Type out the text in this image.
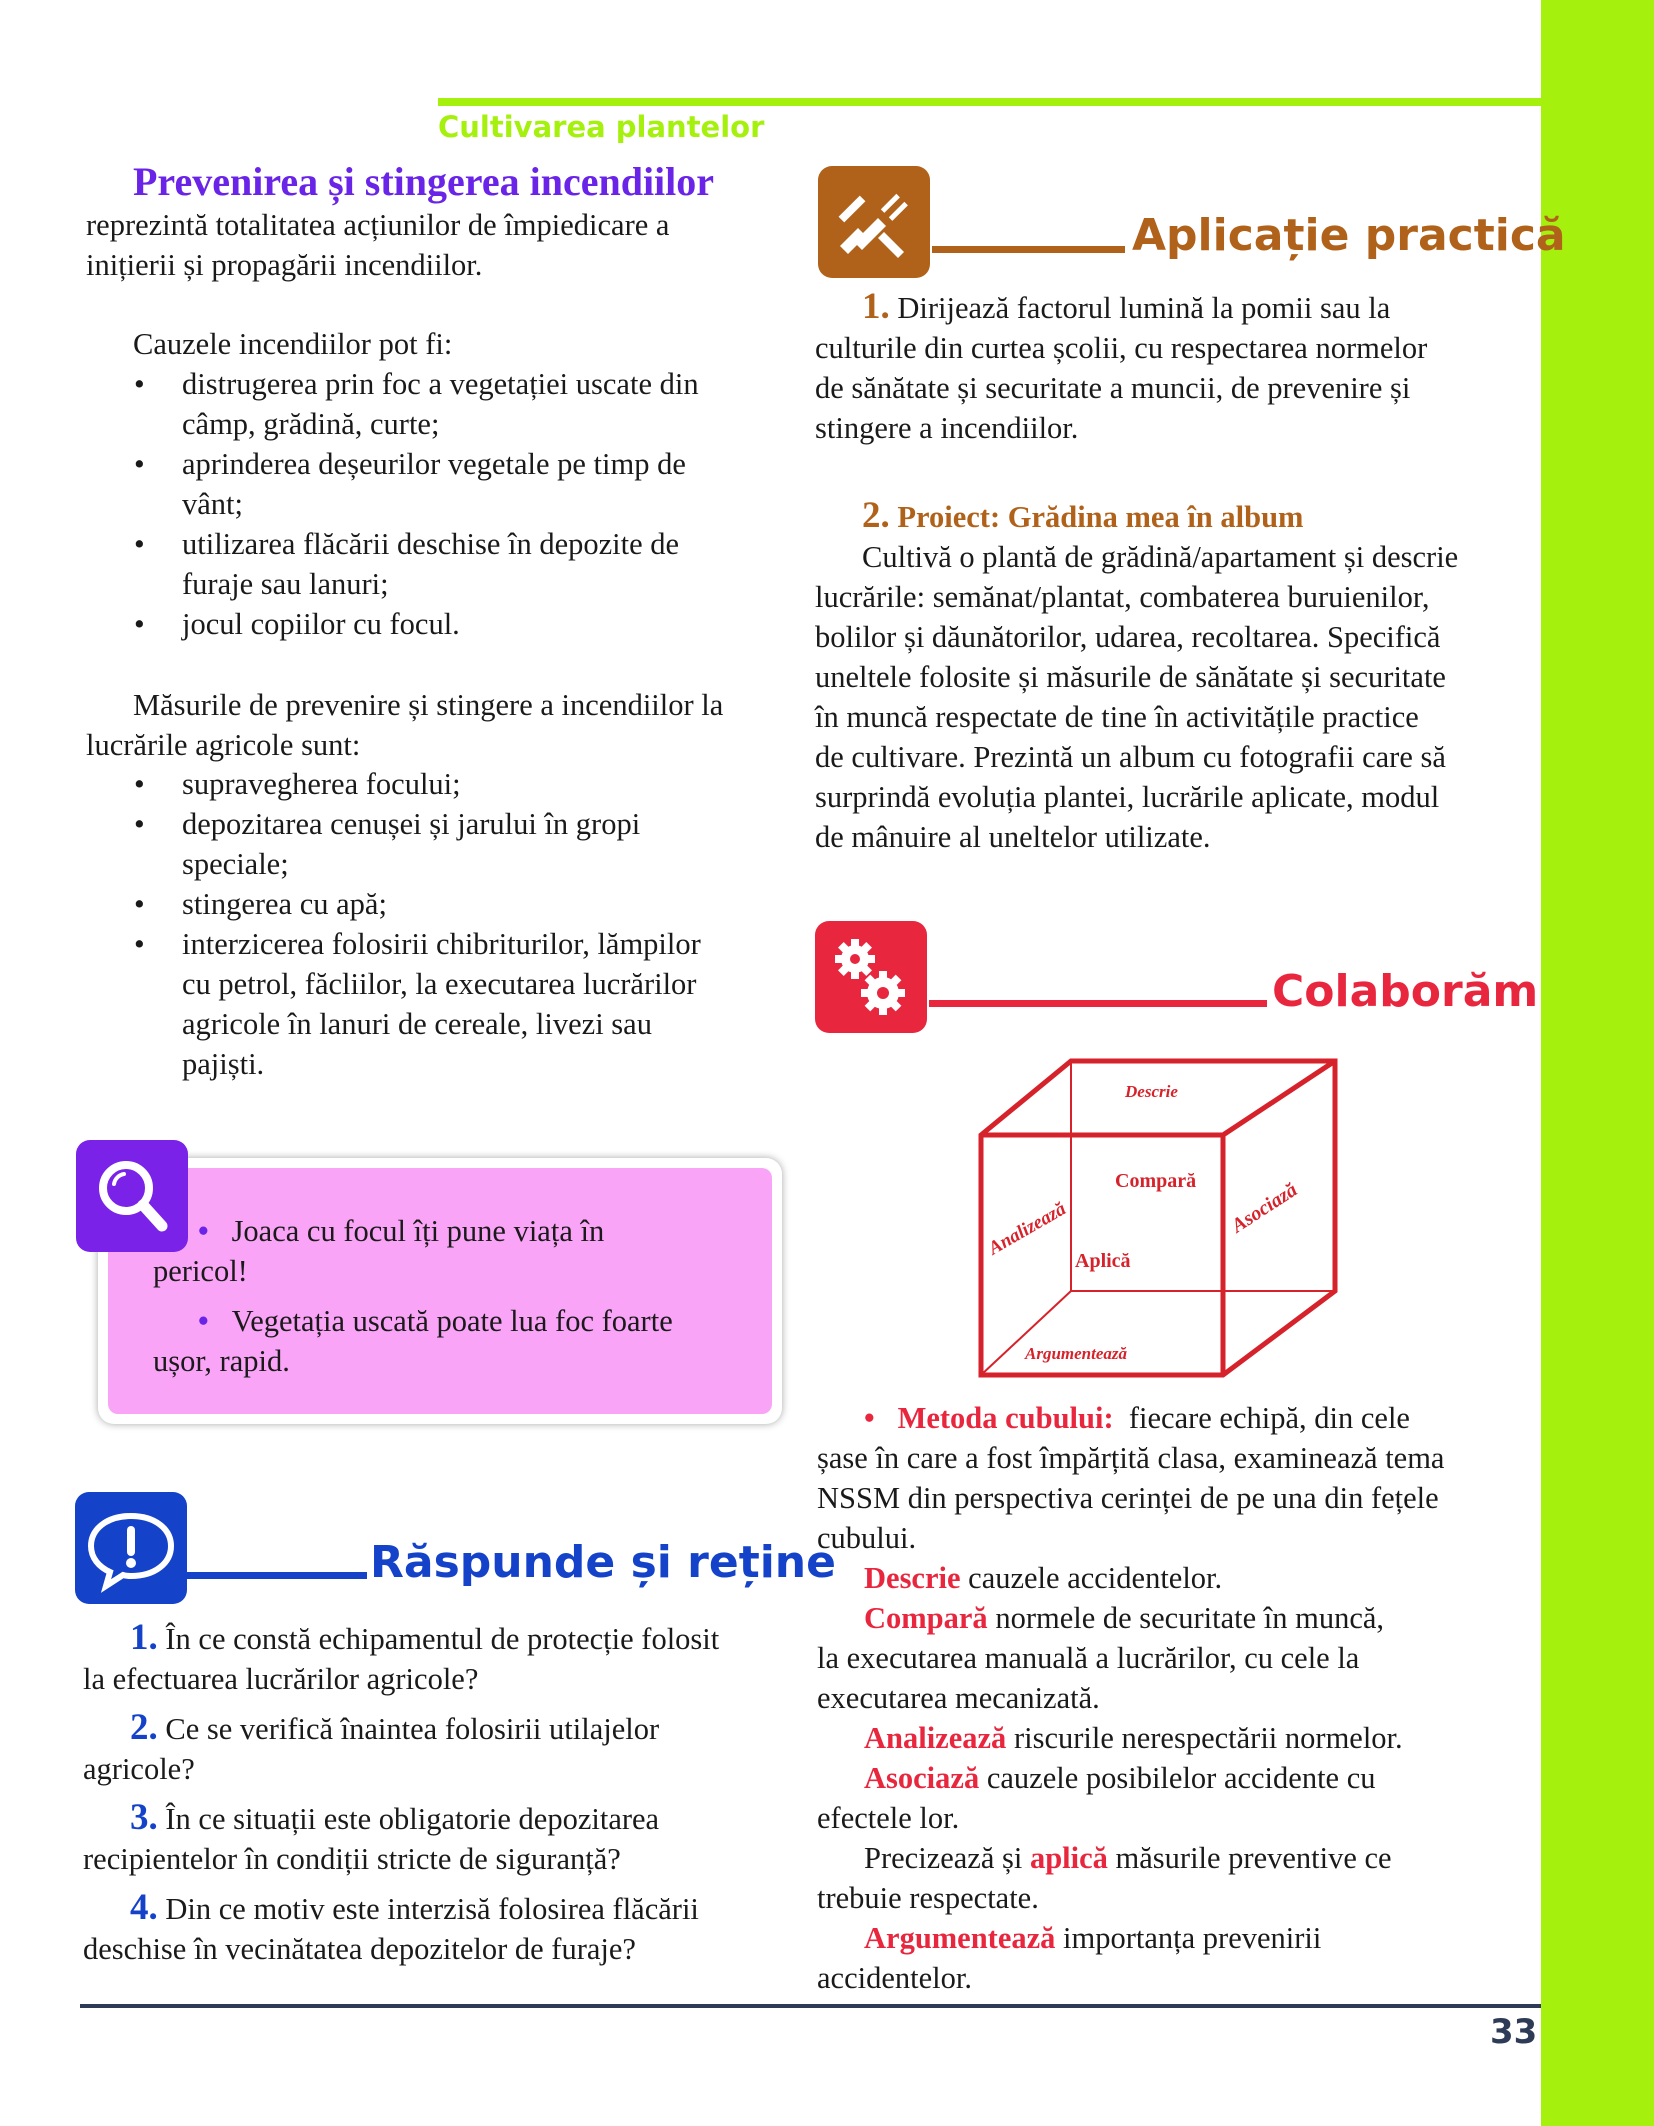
Cultivarea plantelor

Prevenirea și stingerea incendiilor

reprezintă totalitatea acțiunilor de împiedicare a
inițierii și propagării incendiilor.

Cauzele incendiilor pot fi:

• distrugerea prin foc a vegetației uscate din
câmp, grădină, curte;
• aprinderea deșeurilor vegetale pe timp de
vânt;
• utilizarea flăcării deschise în depozite de
furaje sau lanuri;
• jocul copiilor cu focul.

Măsurile de prevenire și stingere a incendiilor la
lucrările agricole sunt:

• supravegherea focului;
• depozitarea cenușei și jarului în gropi
speciale;
• stingerea cu apă;
• interzicerea folosirii chibriturilor, lămpilor
cu petrol, făcliilor, la executarea lucrărilor
agricole în lanuri de cereale, livezi sau
pajiști.

• Joaca cu focul îți pune viața în
pericol!

• Vegetația uscată poate lua foc foarte
ușor, rapid.

Răspunde și reține

1. În ce constă echipamentul de protecție folosit
la efectuarea lucrărilor agricole?

2. Ce se verifică înaintea folosirii utilajelor
agricole?

3. În ce situații este obligatorie depozitarea
recipientelor în condiții stricte de siguranță?

4. Din ce motiv este interzisă folosirea flăcării
deschise în vecinătatea depozitelor de furaje?

Aplicație practică

1. Dirijează factorul lumină la pomii sau la
culturile din curtea școlii, cu respectarea normelor
de sănătate și securitate a muncii, de prevenire și
stingere a incendiilor.

2. Proiect: Grădina mea în album
Cultivă o plantă de grădină/apartament și descrie
lucrările: semănat/plantat, combaterea buruienilor,
bolilor și dăunătorilor, udarea, recoltarea. Specifică
uneltele folosite și măsurile de sănătate și securitate
în muncă respectate de tine în activitățile practice
de cultivare. Prezintă un album cu fotografii care să
surprindă evoluția plantei, lucrările aplicate, modul
de mânuire al uneltelor utilizate.

Colaborăm
Descrie
Compară
Analizează	Asociază
Aplică
Argumentează

• Metoda cubului: fiecare echipă, din cele
șase în care a fost împărțită clasa, examinează tema
NSSM din perspectiva cerinței de pe una din fețele
cubului.

Descrie cauzele accidentelor.
Compară normele de securitate în muncă,
la executarea manuală a lucrărilor, cu cele la
executarea mecanizată.
Analizează riscurile nerespectării normelor.
Asociază cauzele posibilelor accidente cu
efectele lor.
Precizează și aplică măsurile preventive ce
trebuie respectate.
Argumentează importanța prevenirii
accidentelor.

33
